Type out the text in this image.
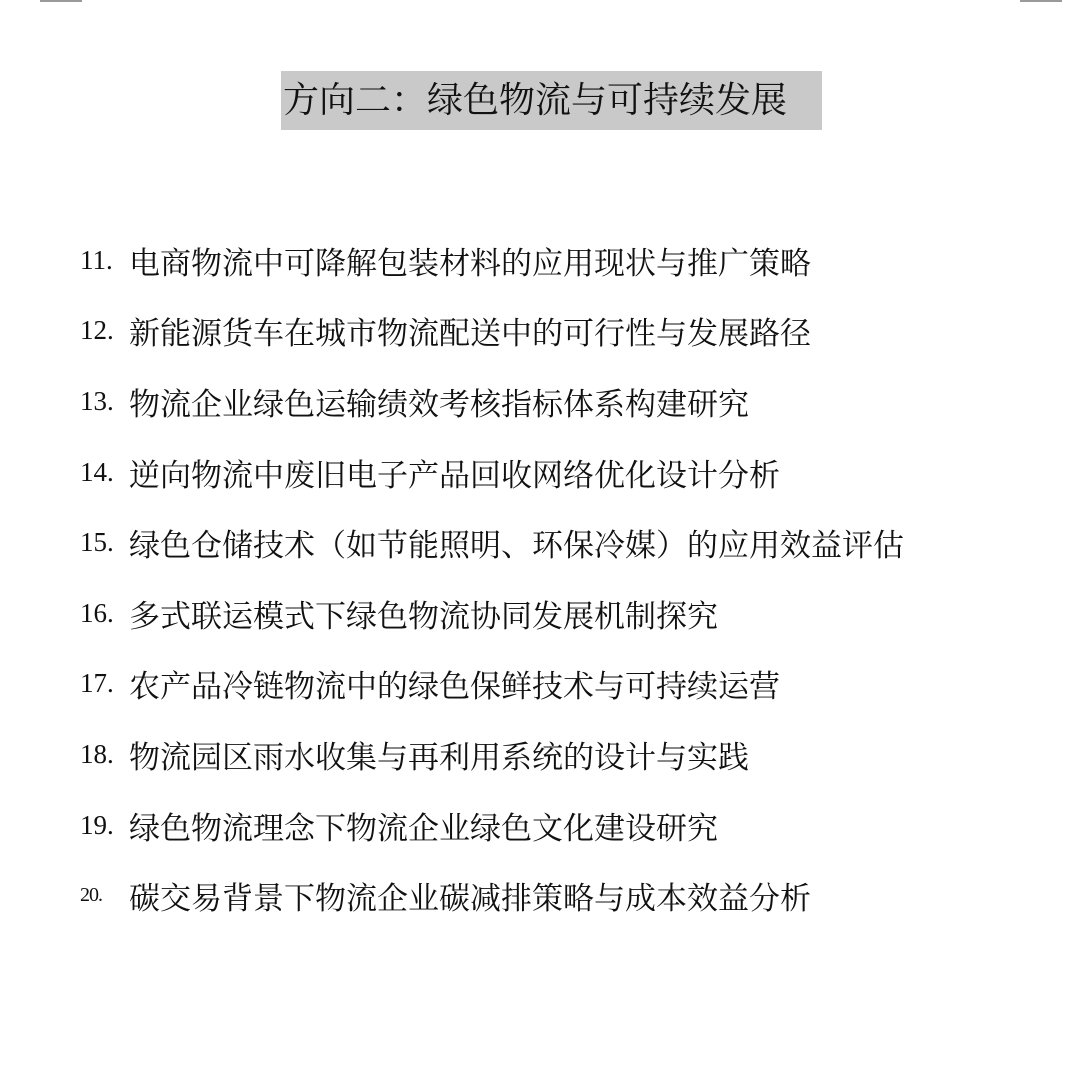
方向二：绿色物流与可持续发展
11. 电商物流中可降解包装材料的应用现状与推广策略
12. 新能源货车在城市物流配送中的可行性与发展路径
13. 物流企业绿色运输绩效考核指标体系构建研究
14. 逆向物流中废旧电子产品回收网络优化设计分析
15. 绿色仓储技术（如节能照明、环保冷媒）的应用效益评估
16. 多式联运模式下绿色物流协同发展机制探究
17. 农产品冷链物流中的绿色保鲜技术与可持续运营
18. 物流园区雨水收集与再利用系统的设计与实践
19. 绿色物流理念下物流企业绿色文化建设研究
20. 碳交易背景下物流企业碳减排策略与成本效益分析
